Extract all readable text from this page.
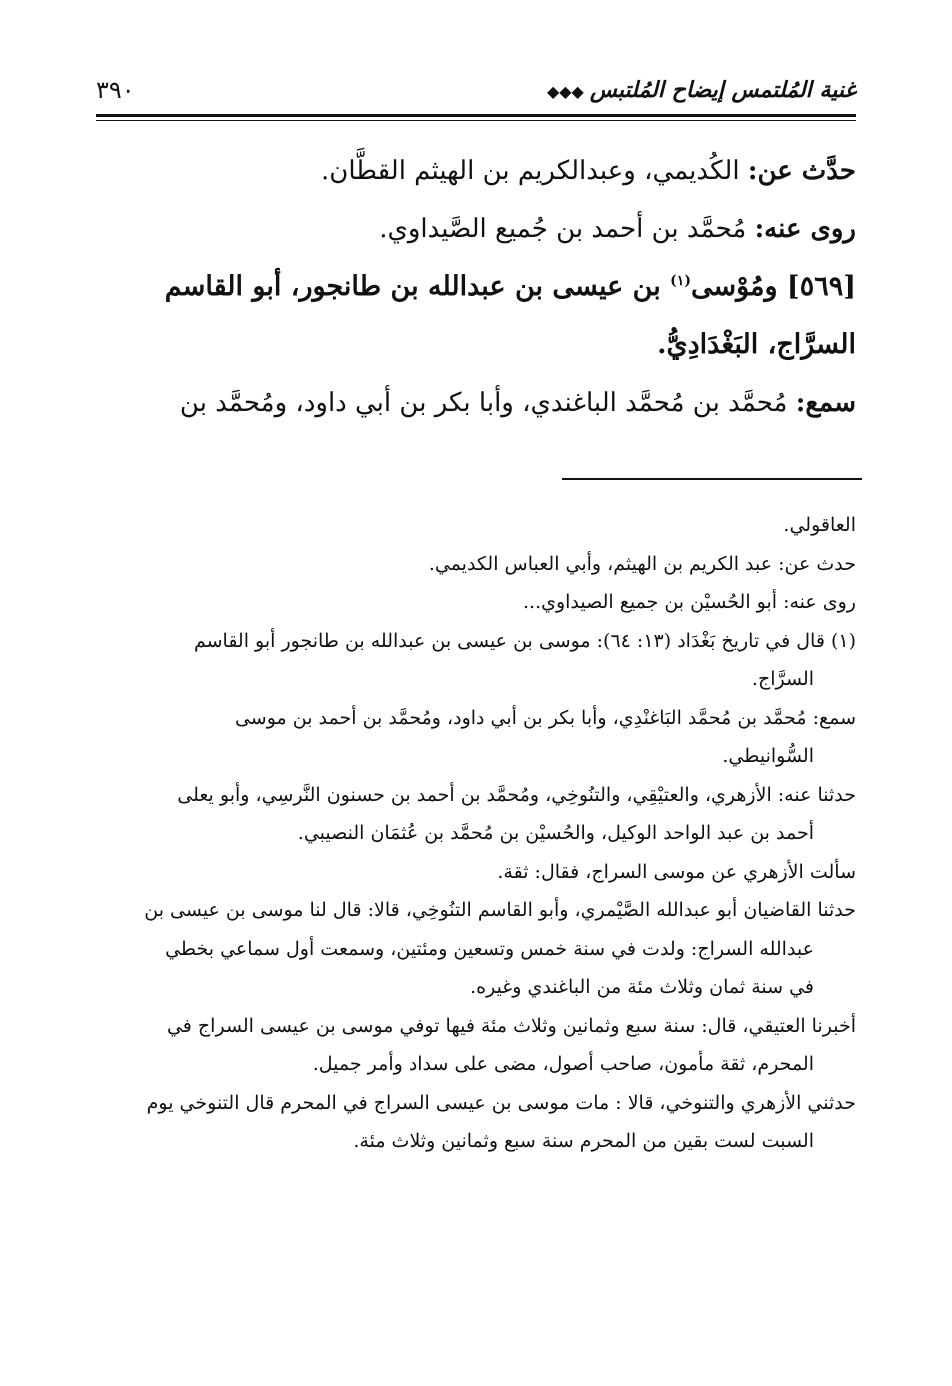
غنية المُلتمس إيضاح المُلتبس◆◆◆
٣٩٠

حدَّث عن: الكُديمي، وعبدالكريم بن الهيثم القطَّان.

روى عنه: مُحمَّد بن أحمد بن جُميع الصَّيداوي.

[٥٦٩] ومُوْسى$^{(١)}$ بن عيسى بن عبدالله بن طانجور، أبو القاسم

السرَّاج، البَغْدَادِيُّ.

سمع: مُحمَّد بن مُحمَّد الباغندي، وأبا بكر بن أبي داود، ومُحمَّد بن

العاقولي.

حدث عن: عبد الكريم بن الهيثم، وأبي العباس الكديمي.

روى عنه: أبو الحُسيْن بن جميع الصيداوي...

(١) قال في تاريخ بَغْدَاد (١٣: ٦٤): موسى بن عيسى بن عبدالله بن طانجور أبو القاسم

السرَّاج.

سمع: مُحمَّد بن مُحمَّد البَاغنْدِي، وأبا بكر بن أبي داود، ومُحمَّد بن أحمد بن موسى

السُّوانيطي.

حدثنا عنه: الأزهري، والعتيْقِي، والتنُوخِي، ومُحمَّد بن أحمد بن حسنون النَّرسِي، وأبو يعلى

أحمد بن عبد الواحد الوكيل، والحُسيْن بن مُحمَّد بن عُثمَان النصيبي.

سألت الأزهري عن موسى السراج، فقال: ثقة.

حدثنا القاضيان أبو عبدالله الصَّيْمري، وأبو القاسم التنُوخِي، قالا: قال لنا موسى بن عيسى بن

عبدالله السراج: ولدت في سنة خمس وتسعين ومئتين، وسمعت أول سماعي بخطي

في سنة ثمان وثلاث مئة من الباغندي وغيره.

أخبرنا العتيقي، قال: سنة سبع وثمانين وثلاث مئة فيها توفي موسى بن عيسى السراج في

المحرم، ثقة مأمون، صاحب أصول، مضى على سداد وأمر جميل.

حدثني الأزهري والتنوخي، قالا : مات موسى بن عيسى السراج في المحرم قال التنوخي يوم

السبت لست بقين من المحرم سنة سبع وثمانين وثلاث مئة.
